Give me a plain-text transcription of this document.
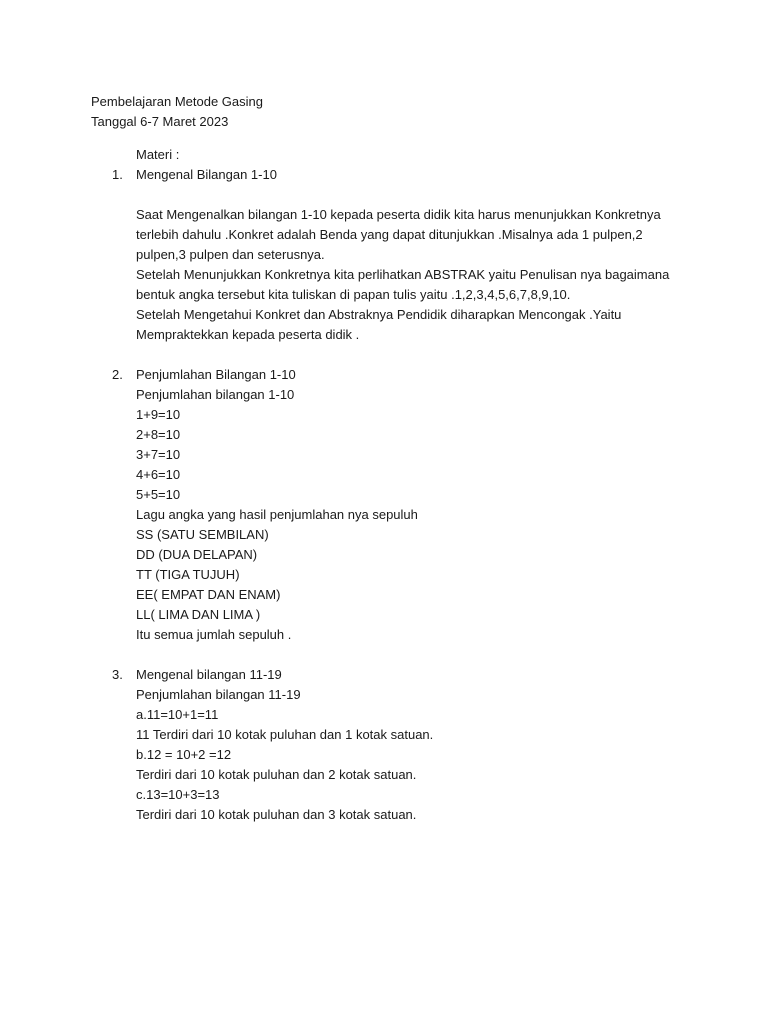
Pembelajaran Metode Gasing
Tanggal 6-7 Maret 2023
Materi :
1. Mengenal Bilangan 1-10
Saat Mengenalkan bilangan 1-10 kepada peserta didik kita harus menunjukkan Konkretnya
terlebih dahulu .Konkret adalah Benda yang dapat ditunjukkan .Misalnya ada 1 pulpen,2
pulpen,3 pulpen dan seterusnya.
Setelah Menunjukkan Konkretnya kita perlihatkan ABSTRAK yaitu Penulisan nya bagaimana
bentuk angka tersebut kita tuliskan di papan tulis yaitu .1,2,3,4,5,6,7,8,9,10.
Setelah Mengetahui Konkret dan Abstraknya Pendidik diharapkan Mencongak .Yaitu
Mempraktekkan kepada peserta didik .
2. Penjumlahan Bilangan 1-10
Penjumlahan bilangan 1-10
1+9=10
2+8=10
3+7=10
4+6=10
5+5=10
Lagu angka yang hasil penjumlahan nya sepuluh
SS (SATU SEMBILAN)
DD (DUA DELAPAN)
TT (TIGA TUJUH)
EE( EMPAT DAN ENAM)
LL( LIMA DAN LIMA )
Itu semua jumlah sepuluh .
3. Mengenal bilangan 11-19
Penjumlahan bilangan 11-19
a.11=10+1=11
11 Terdiri dari 10 kotak puluhan dan 1 kotak satuan.
b.12 = 10+2 =12
Terdiri dari 10 kotak puluhan dan 2 kotak satuan.
c.13=10+3=13
Terdiri dari 10 kotak puluhan dan 3 kotak satuan.
